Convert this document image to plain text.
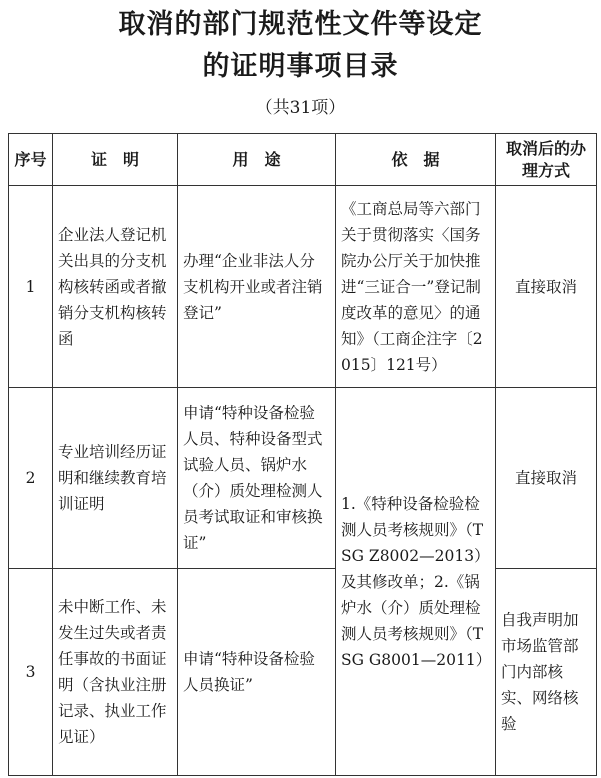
取消的部门规范性文件等设定
的证明事项目录
（共31项）
序号	证　明	用　途	依　据	取消后的办理方式
1	企业法人登记机关出具的分支机构核转函或者撤销分支机构核转函	办理“企业非法人分支机构开业或者注销登记”	《工商总局等六部门关于贯彻落实〈国务院办公厅关于加快推进“三证合一”登记制度改革的意见〉的通知》（工商企注字〔2015〕121号）	直接取消
2	专业培训经历证明和继续教育培训证明	申请“特种设备检验人员、特种设备型式试验人员、锅炉水（介）质处理检测人员考试取证和审核换证”	1.《特种设备检验检测人员考核规则》（TSG Z8002—2013）及其修改单；2.《锅炉水（介）质处理检测人员考核规则》（TSG G8001—2011）	直接取消
3	未中断工作、未发生过失或者责任事故的书面证明（含执业注册记录、执业工作见证）	申请“特种设备检验人员换证”		自我声明加市场监管部门内部核实、网络核验
